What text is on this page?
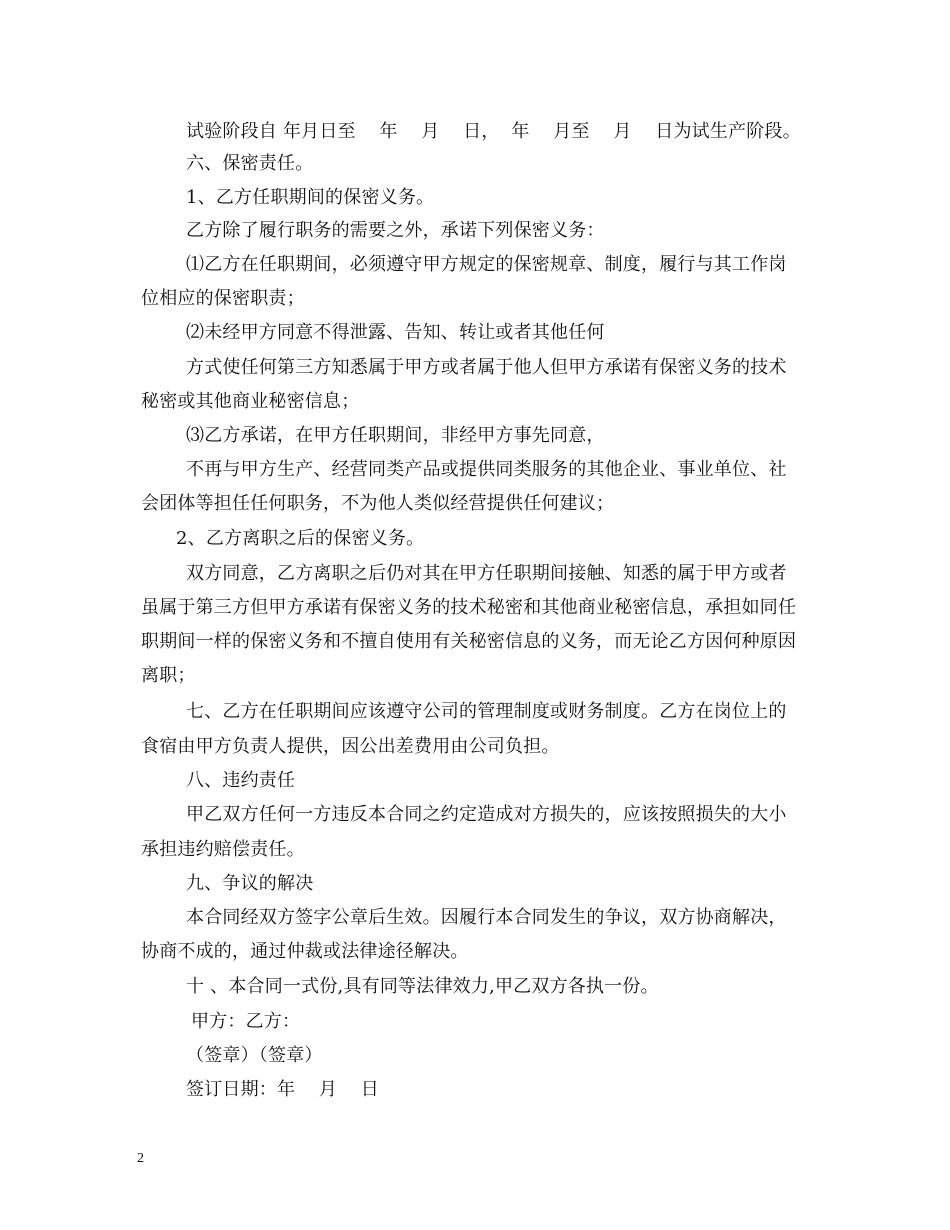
试验阶段自 年月日至    年    月    日，  年    月至    月    日为试生产阶段。
六、保密责任。
1、乙方任职期间的保密义务。
乙方除了履行职务的需要之外，承诺下列保密义务：
⑴乙方在任职期间，必须遵守甲方规定的保密规章、制度，履行与其工作岗
位相应的保密职责；
⑵未经甲方同意不得泄露、告知、转让或者其他任何
方式使任何第三方知悉属于甲方或者属于他人但甲方承诺有保密义务的技术
秘密或其他商业秘密信息；
⑶乙方承诺，在甲方任职期间，非经甲方事先同意，
不再与甲方生产、经营同类产品或提供同类服务的其他企业、事业单位、社
会团体等担任任何职务，不为他人类似经营提供任何建议；
2、乙方离职之后的保密义务。
双方同意，乙方离职之后仍对其在甲方任职期间接触、知悉的属于甲方或者
虽属于第三方但甲方承诺有保密义务的技术秘密和其他商业秘密信息，承担如同任
职期间一样的保密义务和不擅自使用有关秘密信息的义务，而无论乙方因何种原因
离职；
七、乙方在任职期间应该遵守公司的管理制度或财务制度。乙方在岗位上的
食宿由甲方负责人提供，因公出差费用由公司负担。
八、违约责任
甲乙双方任何一方违反本合同之约定造成对方损失的，应该按照损失的大小
承担违约赔偿责任。
九、争议的解决
本合同经双方签字公章后生效。因履行本合同发生的争议，双方协商解决，
协商不成的，通过仲裁或法律途径解决。
十 、本合同一式份,具有同等法律效力,甲乙双方各执一份。
甲方：乙方：
（签章）（签章）
签订日期：年    月    日
2
